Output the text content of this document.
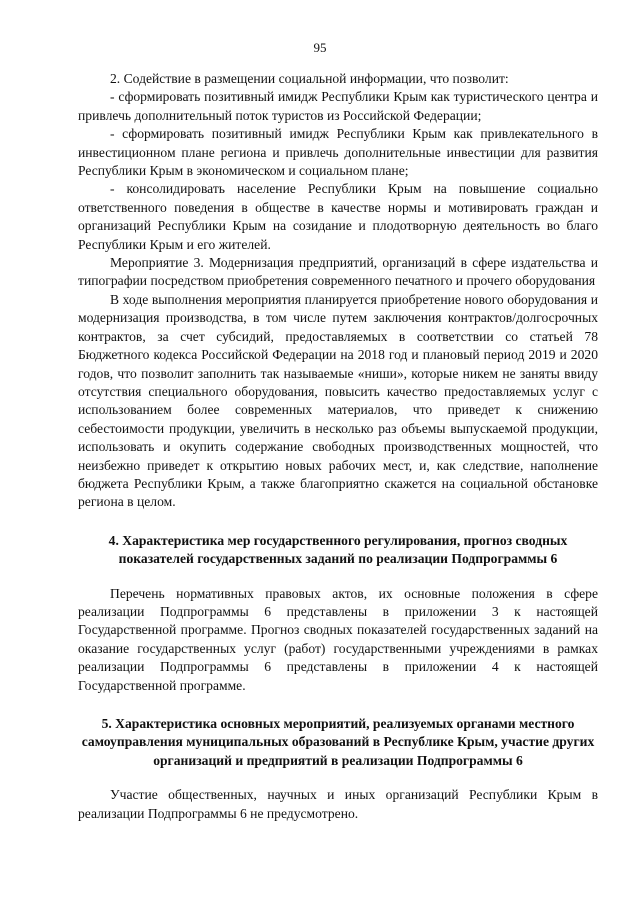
95

2. Содействие в размещении социальной информации, что позволит:

- сформировать позитивный имидж Республики Крым как туристического центра и привлечь дополнительный поток туристов из Российской Федерации;

- сформировать позитивный имидж Республики Крым как привлекательного в инвестиционном плане региона и привлечь дополнительные инвестиции для развития Республики Крым в экономическом и социальном плане;

- консолидировать население Республики Крым на повышение социально ответственного поведения в обществе в качестве нормы и мотивировать граждан и организаций Республики Крым на созидание и плодотворную деятельность во благо Республики Крым и его жителей.

Мероприятие 3. Модернизация предприятий, организаций в сфере издательства и типографии посредством приобретения современного печатного и прочего оборудования

В ходе выполнения мероприятия планируется приобретение нового оборудования и модернизация производства, в том числе путем заключения контрактов/долгосрочных контрактов, за счет субсидий, предоставляемых в соответствии со статьей 78 Бюджетного кодекса Российской Федерации на 2018 год и плановый период 2019 и 2020 годов, что позволит заполнить так называемые «ниши», которые никем не заняты ввиду отсутствия специального оборудования, повысить качество предоставляемых услуг с использованием более современных материалов, что приведет к снижению себестоимости продукции, увеличить в несколько раз объемы выпускаемой продукции, использовать и окупить содержание свободных производственных мощностей, что неизбежно приведет к открытию новых рабочих мест, и, как следствие, наполнение бюджета Республики Крым, а также благоприятно скажется на социальной обстановке региона в целом.

4. Характеристика мер государственного регулирования, прогноз сводных показателей государственных заданий по реализации Подпрограммы 6

Перечень нормативных правовых актов, их основные положения в сфере реализации Подпрограммы 6 представлены в приложении 3 к настоящей Государственной программе. Прогноз сводных показателей государственных заданий на оказание государственных услуг (работ) государственными учреждениями в рамках реализации Подпрограммы 6 представлены в приложении 4 к настоящей Государственной программе.

5. Характеристика основных мероприятий, реализуемых органами местного самоуправления муниципальных образований в Республике Крым, участие других организаций и предприятий в реализации Подпрограммы 6

Участие общественных, научных и иных организаций Республики Крым в реализации Подпрограммы 6 не предусмотрено.
